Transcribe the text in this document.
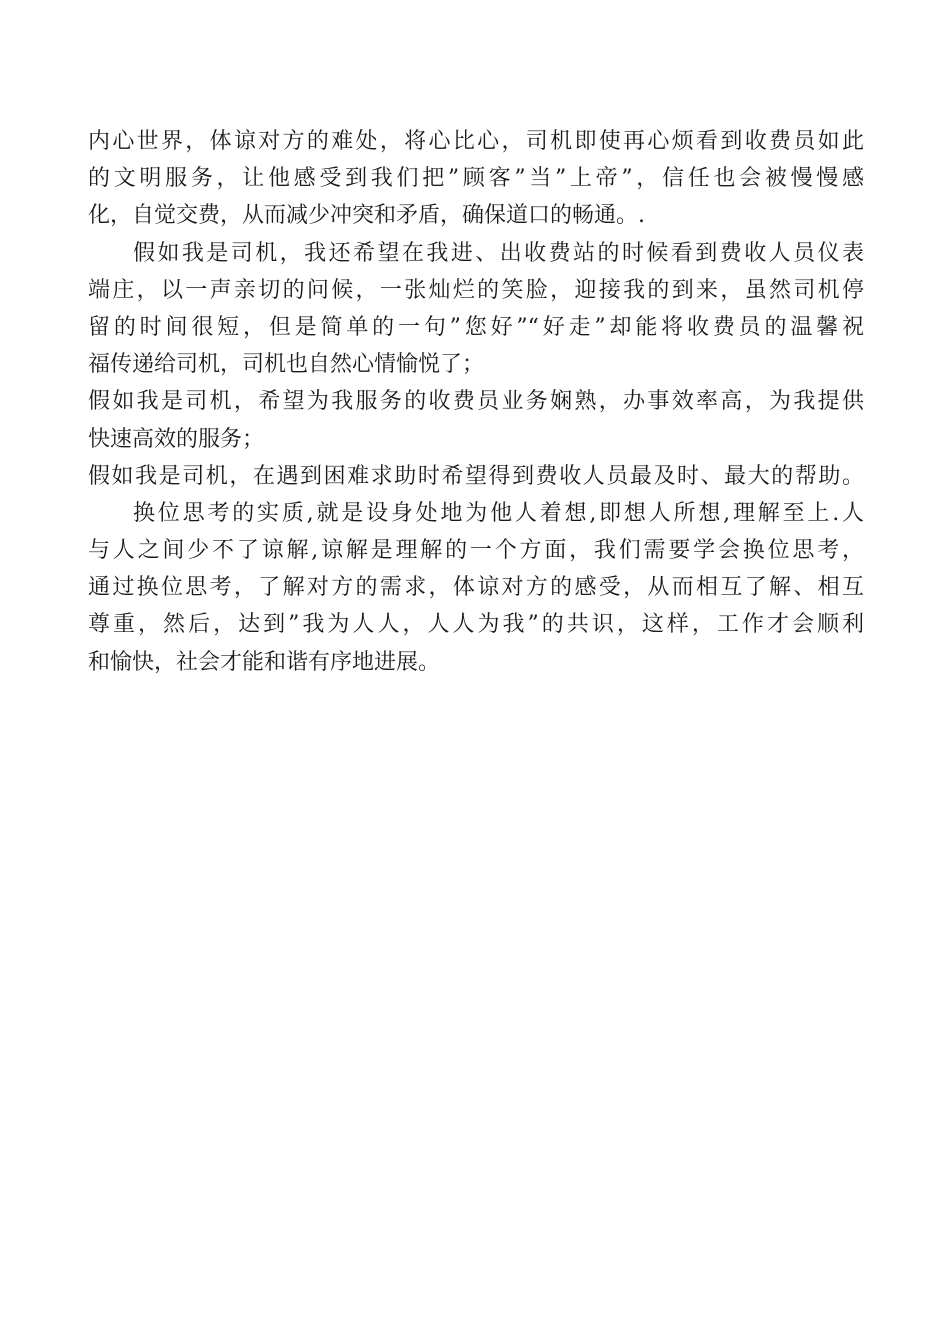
内心世界，体谅对方的难处，将心比心，司机即使再心烦看到收费员如此
的文明服务，让他感受到我们把”顾客”当”上帝”，信任也会被慢慢感
化，自觉交费，从而减少冲突和矛盾，确保道口的畅通。.
假如我是司机，我还希望在我进、出收费站的时候看到费收人员仪表
端庄，以一声亲切的问候，一张灿烂的笑脸，迎接我的到来，虽然司机停
留的时间很短，但是简单的一句”您好”“好走”却能将收费员的温馨祝
福传递给司机，司机也自然心情愉悦了；
假如我是司机，希望为我服务的收费员业务娴熟，办事效率高，为我提供
快速高效的服务；
假如我是司机，在遇到困难求助时希望得到费收人员最及时、最大的帮助。
换位思考的实质,就是设身处地为他人着想,即想人所想,理解至上.人
与人之间少不了谅解,谅解是理解的一个方面，我们需要学会换位思考，
通过换位思考，了解对方的需求，体谅对方的感受，从而相互了解、相互
尊重，然后，达到”我为人人，人人为我”的共识，这样，工作才会顺利
和愉快，社会才能和谐有序地进展。
